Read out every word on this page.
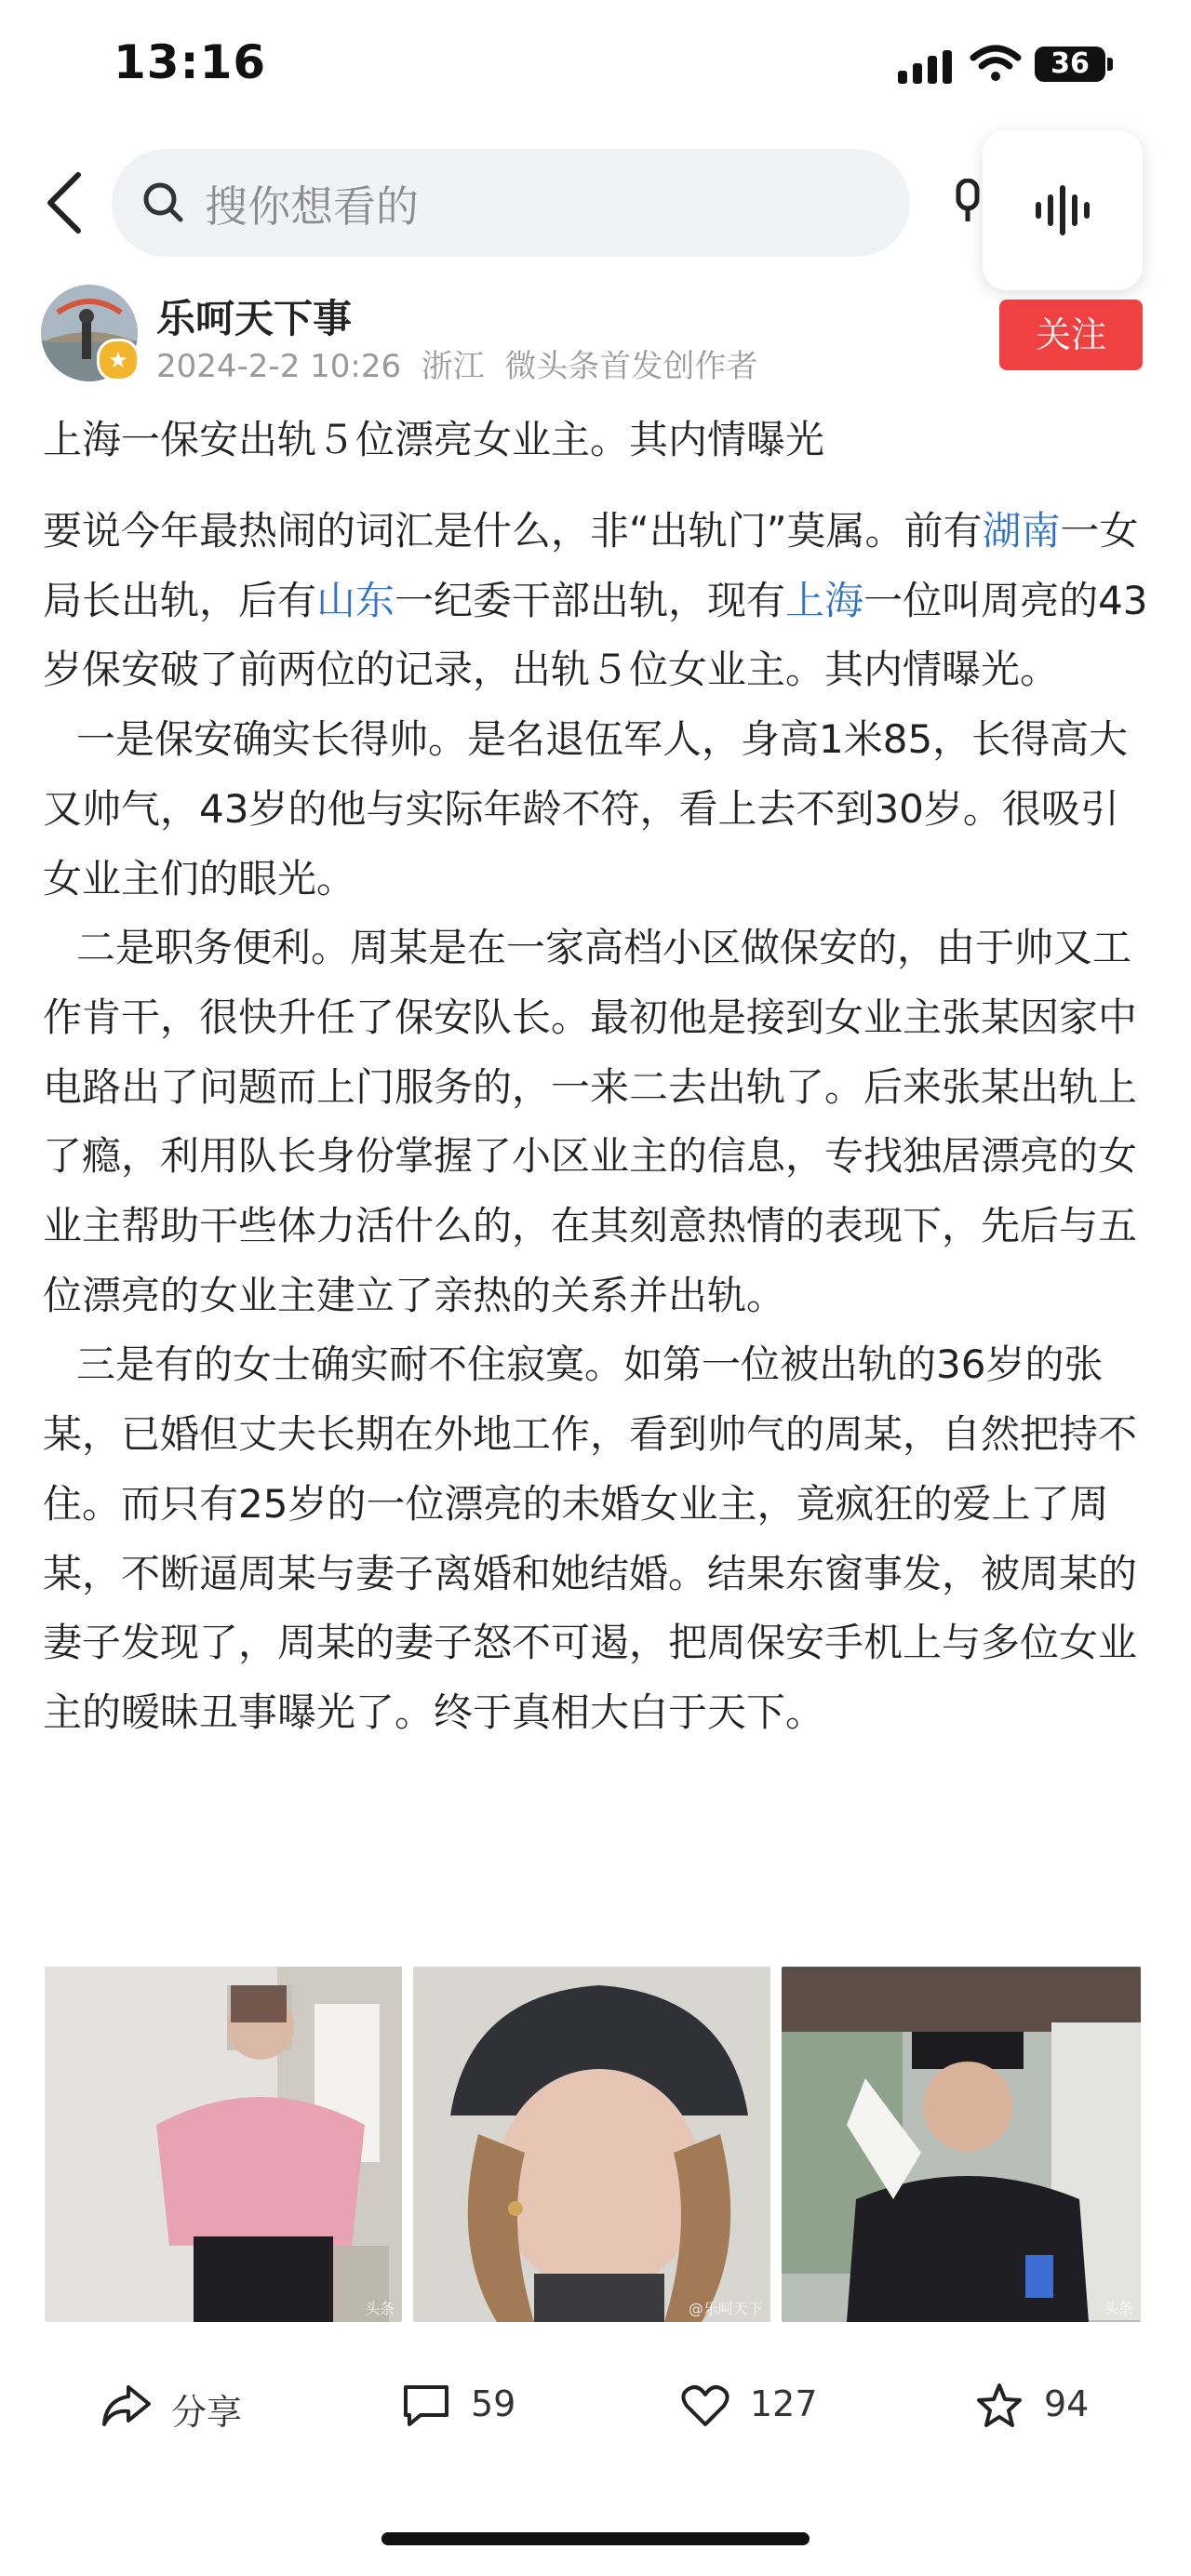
13:16	36
搜你想看的
★
乐呵天下事
2024-2-2 10:26  浙江  微头条首发创作者
关注
上海一保安出轨５位漂亮女业主。其内情曝光

要说今年最热闹的词汇是什么，非“出轨门”莫属。前有湖南一女局长出轨，后有山东一纪委干部出轨，现有上海一位叫周亮的43岁保安破了前两位的记录，出轨５位女业主。其内情曝光。

一是保安确实长得帅。是名退伍军人，身高1米85，长得高大又帅气，43岁的他与实际年龄不符，看上去不到30岁。很吸引女业主们的眼光。

二是职务便利。周某是在一家高档小区做保安的，由于帅又工作肯干，很快升任了保安队长。最初他是接到女业主张某因家中电路出了问题而上门服务的，一来二去出轨了。后来张某出轨上了瘾，利用队长身份掌握了小区业主的信息，专找独居漂亮的女业主帮助干些体力活什么的，在其刻意热情的表现下，先后与五位漂亮的女业主建立了亲热的关系并出轨。

三是有的女士确实耐不住寂寞。如第一位被出轨的36岁的张某，已婚但丈夫长期在外地工作，看到帅气的周某，自然把持不住。而只有25岁的一位漂亮的未婚女业主，竟疯狂的爱上了周某，不断逼周某与妻子离婚和她结婚。结果东窗事发，被周某的妻子发现了，周某的妻子怒不可遏，把周保安手机上与多位女业主的暧昧丑事曝光了。终于真相大白于天下。

头条	@乐呵天下	头条
分享	59	127	94
